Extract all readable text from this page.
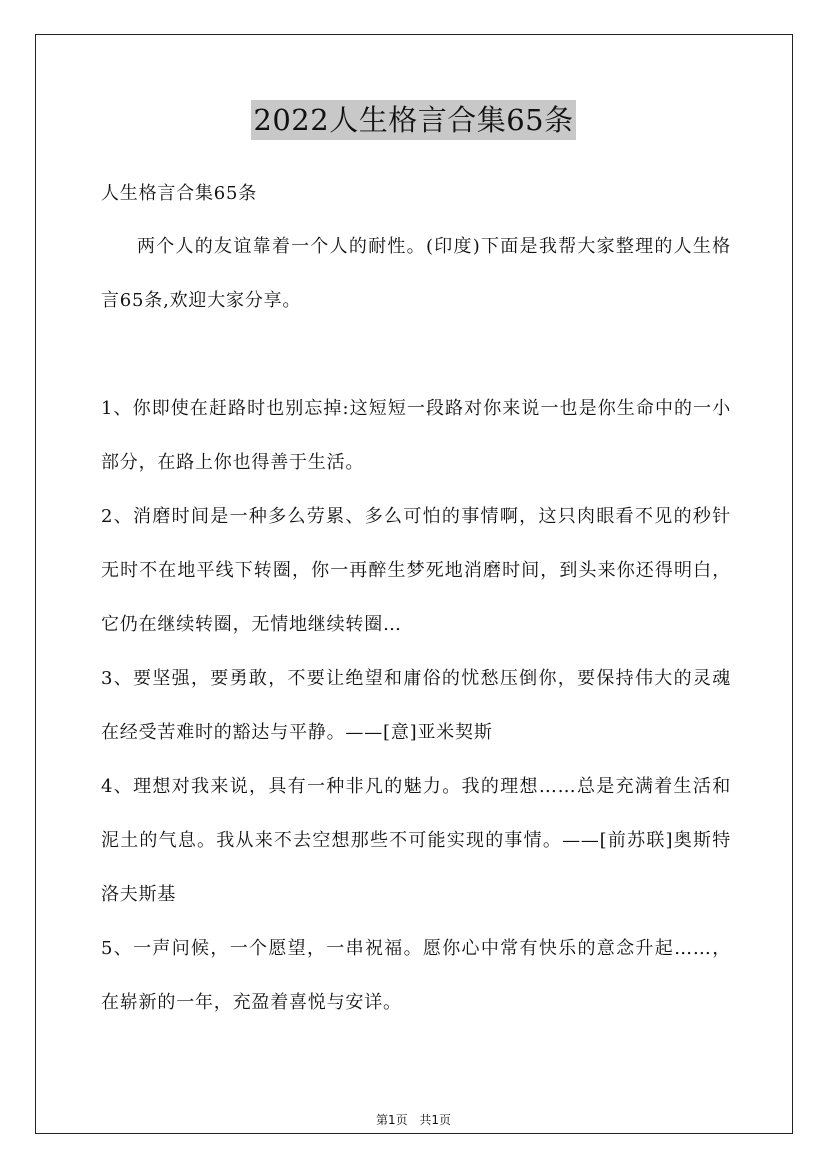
2022人生格言合集65条
人生格言合集65条
两个人的友谊靠着一个人的耐性。(印度)下面是我帮大家整理的人生格言65条,欢迎大家分享。

1、你即使在赶路时也别忘掉:这短短一段路对你来说一也是你生命中的一小部分，在路上你也得善于生活。

2、消磨时间是一种多么劳累、多么可怕的事情啊，这只肉眼看不见的秒针无时不在地平线下转圈，你一再醉生梦死地消磨时间，到头来你还得明白，它仍在继续转圈，无情地继续转圈…

3、要坚强，要勇敢，不要让绝望和庸俗的忧愁压倒你，要保持伟大的灵魂在经受苦难时的豁达与平静。——[意]亚米契斯

4、理想对我来说，具有一种非凡的魅力。我的理想……总是充满着生活和泥土的气息。我从来不去空想那些不可能实现的事情。——[前苏联]奥斯特洛夫斯基

5、一声问候，一个愿望，一串祝福。愿你心中常有快乐的意念升起……，在崭新的一年，充盈着喜悦与安详。

第1页 共1页
